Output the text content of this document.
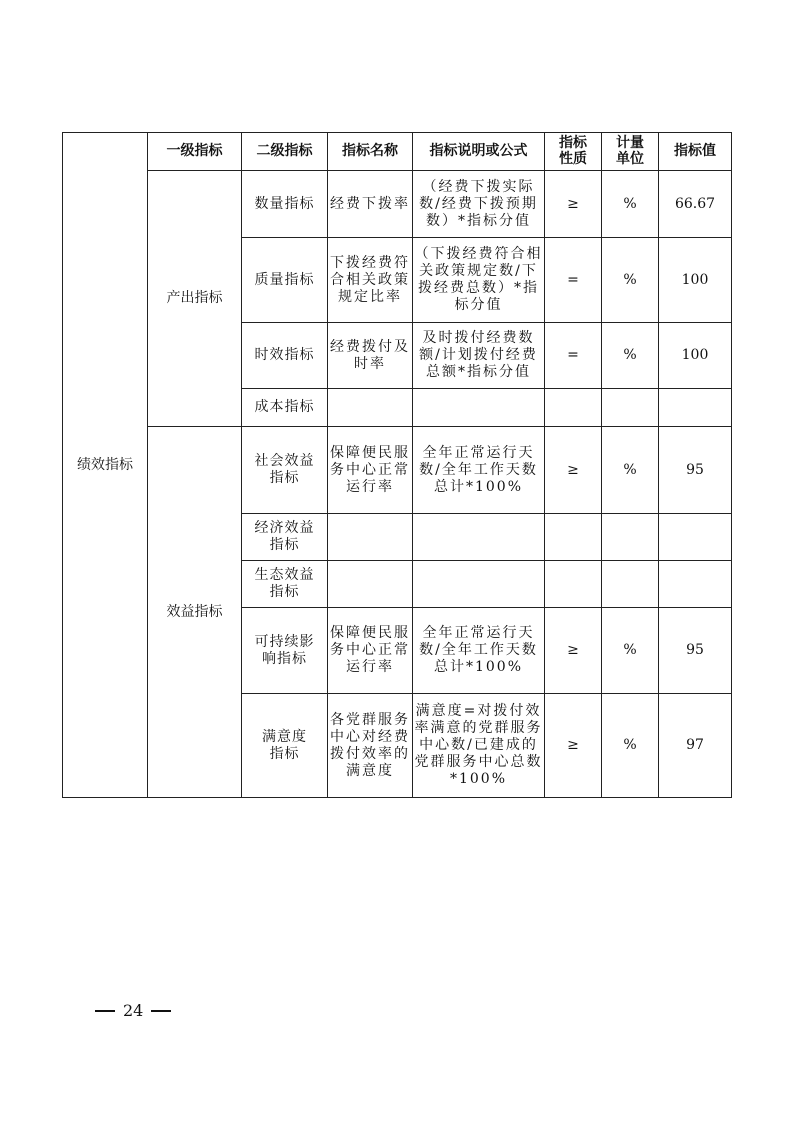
绩效指标	一级指标	二级指标	指标名称	指标说明或公式	指标性质	计量单位	指标值
	产出指标	数量指标	经费下拨率	（经费下拨实际数/经费下拨预期数）*指标分值	≥	%	66.67
		质量指标	下拨经费符合相关政策规定比率	（下拨经费符合相关政策规定数/下拨经费总数）*指标分值	=	%	100
		时效指标	经费拨付及时率	及时拨付经费数额/计划拨付经费总额*指标分值	=	%	100
		成本指标					
	效益指标	社会效益指标	保障便民服务中心正常运行率	全年正常运行天数/全年工作天数总计*100%	≥	%	95
		经济效益指标					
		生态效益指标					
		可持续影响指标	保障便民服务中心正常运行率	全年正常运行天数/全年工作天数总计*100%	≥	%	95
		满意度指标	各党群服务中心对经费拨付效率的满意度	满意度=对拨付效率满意的党群服务中心数/已建成的党群服务中心总数*100%	≥	%	97
24
